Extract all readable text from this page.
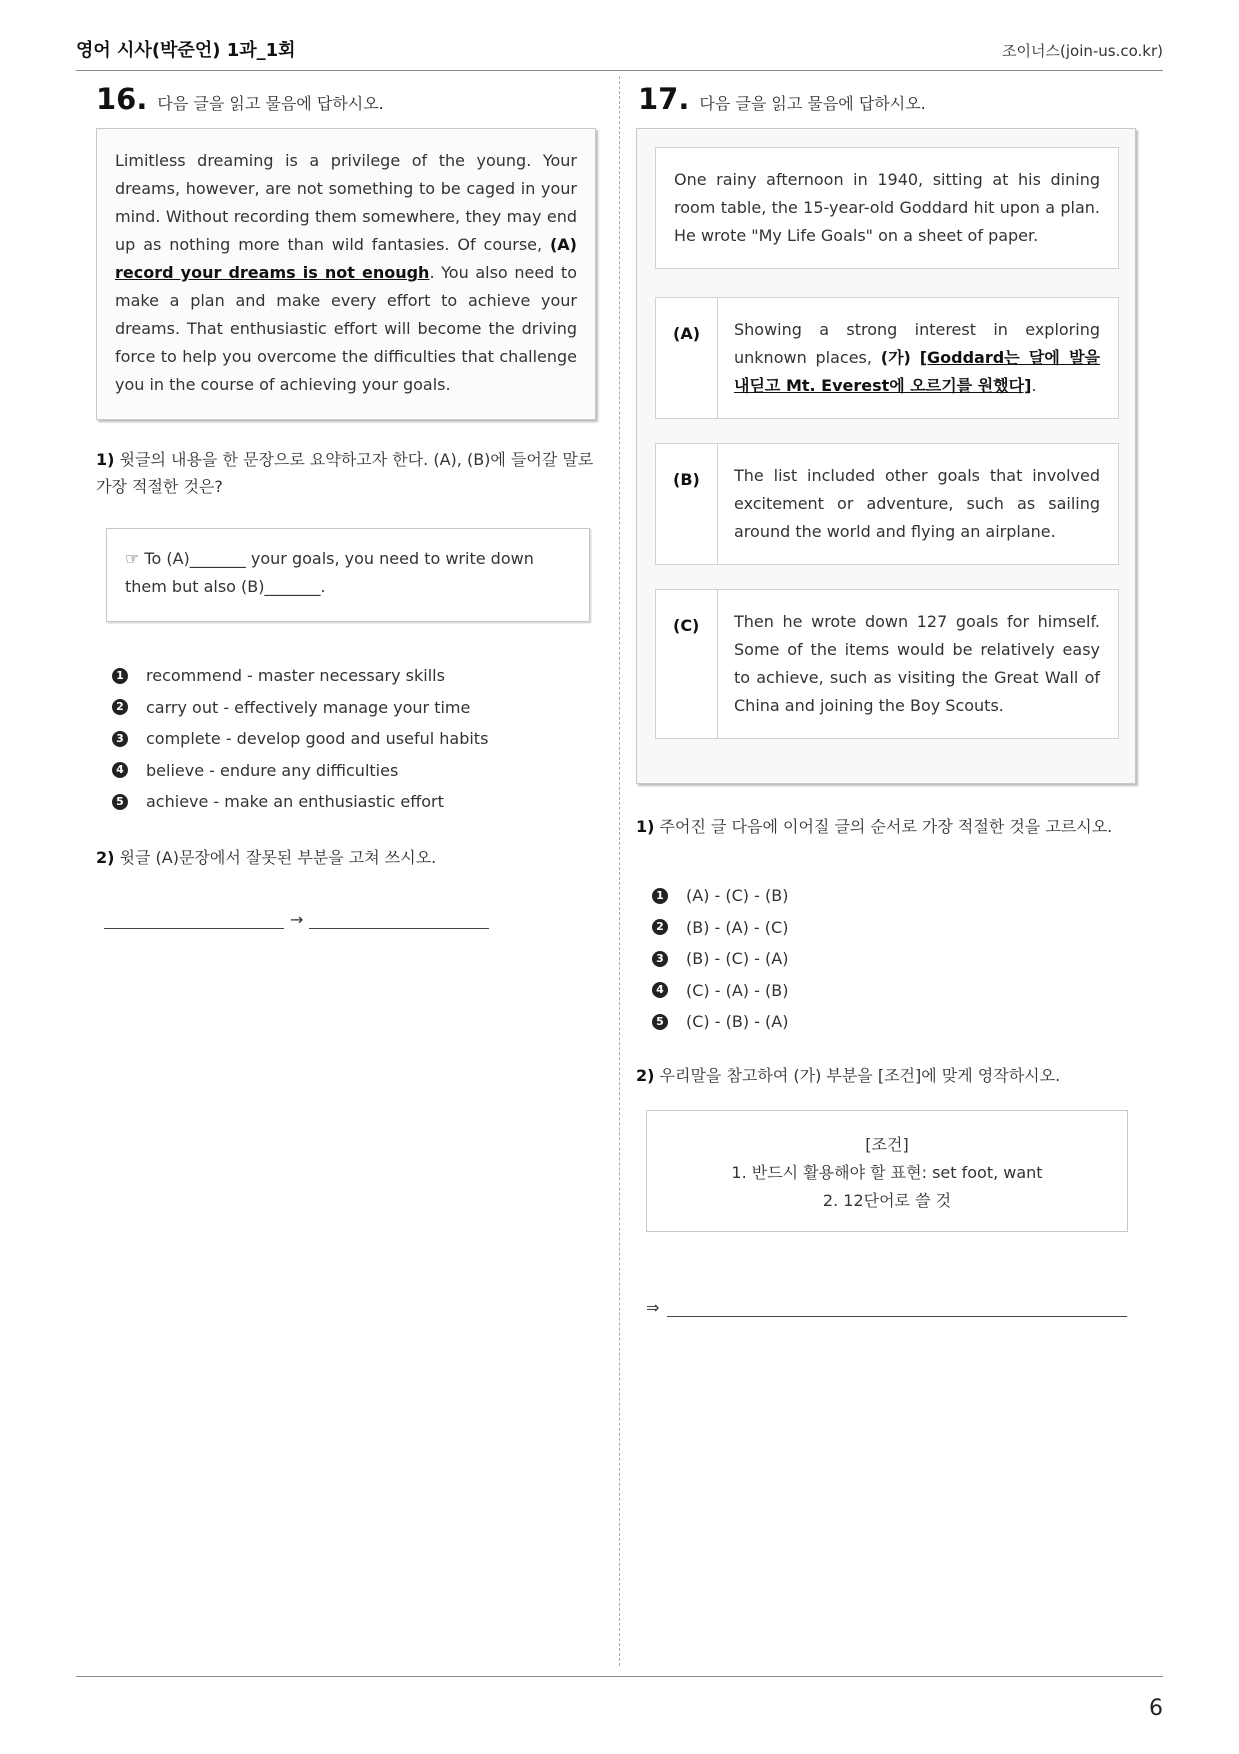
영어 시사(박준언) 1과_1회	조이너스(join-us.co.kr)
16. 다음 글을 읽고 물음에 답하시오.

Limitless dreaming is a privilege of the young. Your dreams, however, are not something to be caged in your mind. Without recording them somewhere, they may end up as nothing more than wild fantasies. Of course, (A) record your dreams is not enough. You also need to make a plan and make every effort to achieve your dreams. That enthusiastic effort will become the driving force to help you overcome the difficulties that challenge you in the course of achieving your goals.

1) 윗글의 내용을 한 문장으로 요약하고자 한다. (A), (B)에 들어갈 말로 가장 적절한 것은?
☞ To (A)_______ your goals, you need to write down
them but also (B)_______.
1 recommend - master necessary skills
2 carry out - effectively manage your time
3 complete - develop good and useful habits
4 believe - endure any difficulties
5 achieve - make an enthusiastic effort
2) 윗글 (A)문장에서 잘못된 부분을 고쳐 쓰시오.
→
17. 다음 글을 읽고 물음에 답하시오.

One rainy afternoon in 1940, sitting at his dining room table, the 15-year-old Goddard hit upon a plan. He wrote "My Life Goals" on a sheet of paper.

(A)	Showing a strong interest in exploring unknown places, (가) [Goddard는 달에 발을 내딛고 Mt. Everest에 오르기를 원했다].

(B)	The list included other goals that involved excitement or adventure, such as sailing around the world and flying an airplane.

(C)	Then he wrote down 127 goals for himself. Some of the items would be relatively easy to achieve, such as visiting the Great Wall of China and joining the Boy Scouts.

1) 주어진 글 다음에 이어질 글의 순서로 가장 적절한 것을 고르시오.
1 (A) - (C) - (B)
2 (B) - (A) - (C)
3 (B) - (C) - (A)
4 (C) - (A) - (B)
5 (C) - (B) - (A)
2) 우리말을 참고하여 (가) 부분을 [조건]에 맞게 영작하시오.
[조건]
1. 반드시 활용해야 할 표현: set foot, want
2. 12단어로 쓸 것
⇒
6
